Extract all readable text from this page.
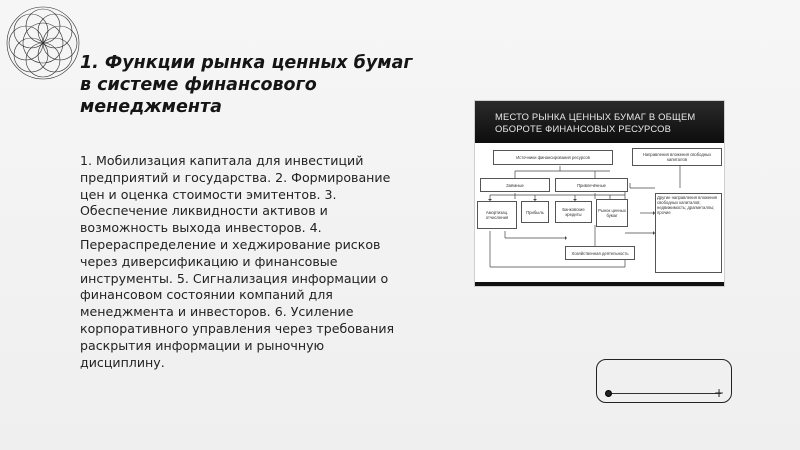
1. Функции рынка ценных бумаг в системе финансового менеджмента

1. Мобилизация капитала для инвестиций предприятий и государства. 2. Формирование цен и оценка стоимости эмитентов. 3. Обеспечение ликвидности активов и возможность выхода инвесторов. 4. Перераспределение и хеджирование рисков через диверсификацию и финансовые инструменты. 5. Сигнализация информации о финансовом состоянии компаний для менеджмента и инвесторов. 6. Усиление корпоративного управления через требования раскрытия информации и рыночную дисциплину.

МЕСТО РЫНКА ЦЕННЫХ БУМАГ В ОБЩЕМ ОБОРОТЕ ФИНАНСОВЫХ РЕСУРСОВ
Источники финансирования ресурсов
Направления вложения свободных капиталов
Заёмные	Привлечённые
Амортизац. отчисления
Прибыль	Банковские кредиты
Рынок ценных бумаг
Хозяйственная деятельность
Другие направления вложения свободных капиталов; недвижимость; драгметаллы; прочие
+
